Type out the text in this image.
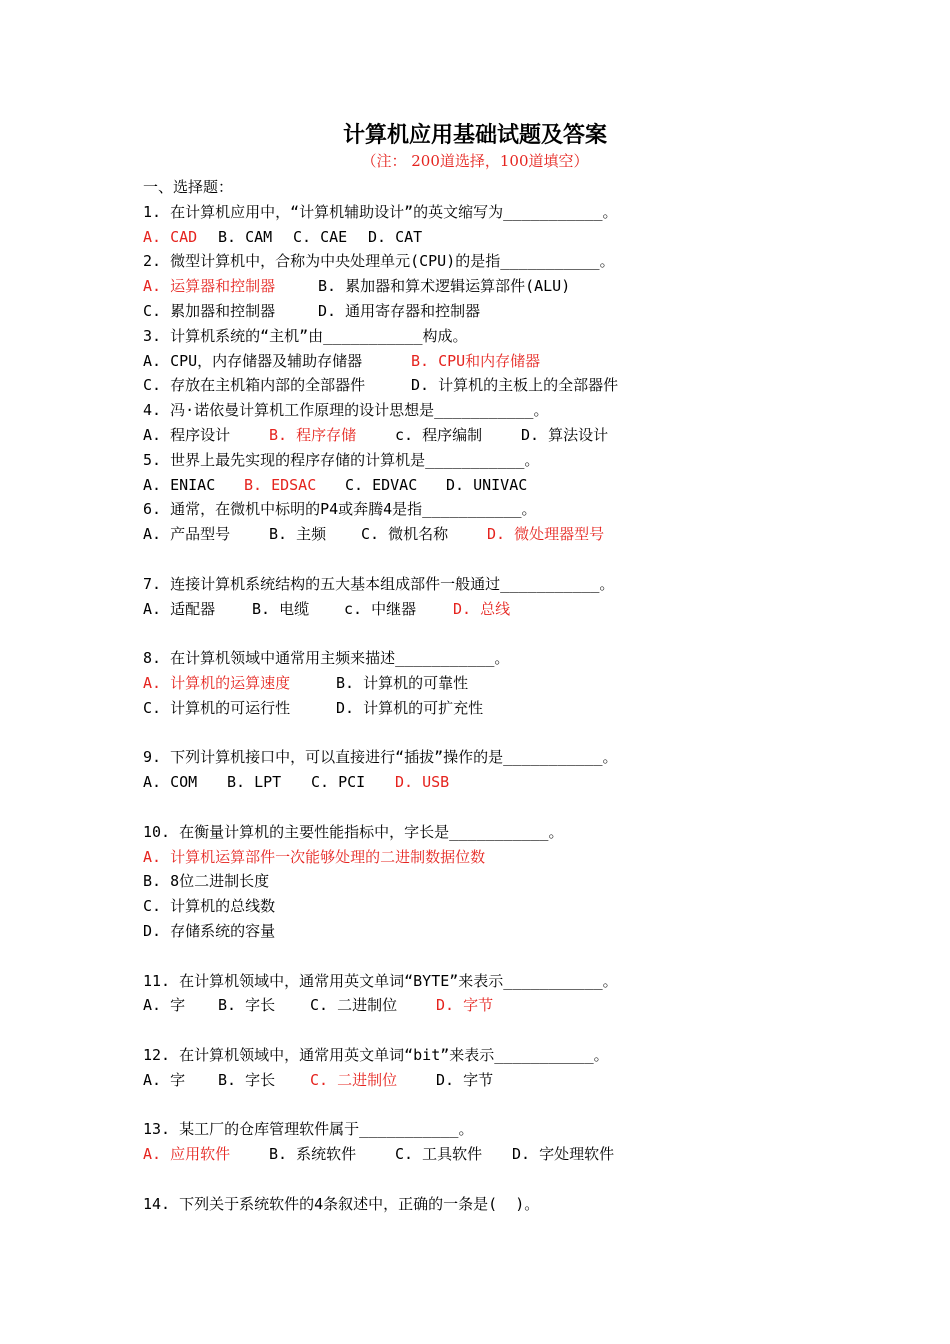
计算机应用基础试题及答案
（注： 200道选择，100道填空）
一、选择题：
1. 在计算机应用中，“计算机辅助设计”的英文缩写为___________。
A. CAD B. CAM C. CAE D. CAT
2. 微型计算机中，合称为中央处理单元(CPU)的是指___________。
A. 运算器和控制器	B. 累加器和算术逻辑运算部件(ALU)
C. 累加器和控制器	D. 通用寄存器和控制器
3. 计算机系统的“主机”由___________构成。
A. CPU，内存储器及辅助存储器	B. CPU和内存储器
C. 存放在主机箱内部的全部器件	D. 计算机的主板上的全部器件
4. 冯·诺依曼计算机工作原理的设计思想是___________。
A. 程序设计	B. 程序存储	c. 程序编制	D. 算法设计
5. 世界上最先实现的程序存储的计算机是___________。
A. ENIAC B. EDSAC C. EDVAC D. UNIVAC
6. 通常，在微机中标明的P4或奔腾4是指___________。
A. 产品型号	B. 主频 C. 微机名称	D. 微处理器型号
7. 连接计算机系统结构的五大基本组成部件一般通过___________。
A. 适配器 B. 电缆 c. 中继器 D. 总线
8. 在计算机领域中通常用主频来描述___________。
A. 计算机的运算速度	B. 计算机的可靠性
C. 计算机的可运行性	D. 计算机的可扩充性
9. 下列计算机接口中，可以直接进行“插拔”操作的是___________。
A. COM B. LPT C. PCI D. USB
10. 在衡量计算机的主要性能指标中，字长是___________。
A. 计算机运算部件一次能够处理的二进制数据位数
B. 8位二进制长度
C. 计算机的总线数
D. 存储系统的容量
11. 在计算机领域中，通常用英文单词“BYTE”来表示___________。
A. 字 B. 字长 C. 二进制位	D. 字节
12. 在计算机领域中，通常用英文单词“bit”来表示___________。
A. 字 B. 字长 C. 二进制位	D. 字节
13. 某工厂的仓库管理软件属于___________。
A. 应用软件	B. 系统软件	C. 工具软件 D. 字处理软件
14. 下列关于系统软件的4条叙述中，正确的一条是(  )。
